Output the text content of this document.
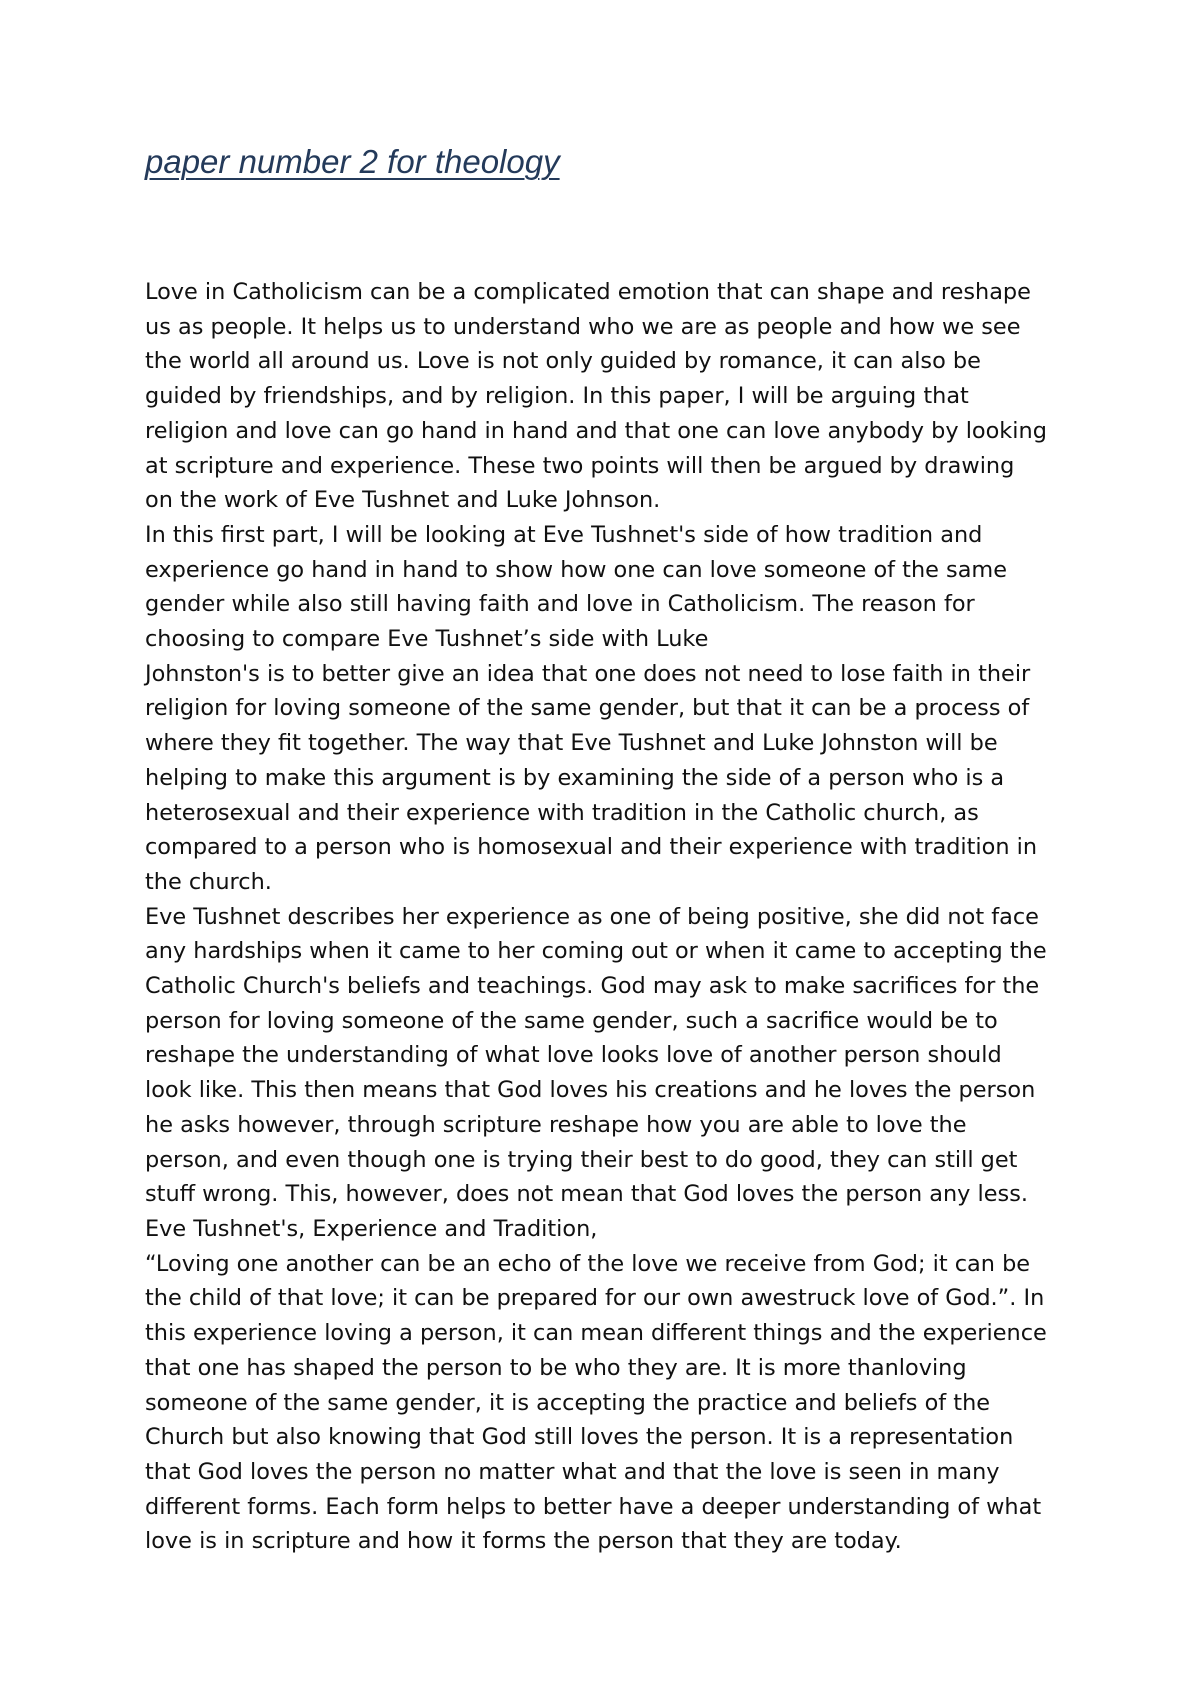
paper number 2 for theology
Love in Catholicism can be a complicated emotion that can shape and reshape
us as people. It helps us to understand who we are as people and how we see
the world all around us. Love is not only guided by romance, it can also be
guided by friendships, and by religion. In this paper, I will be arguing that
religion and love can go hand in hand and that one can love anybody by looking
at scripture and experience. These two points will then be argued by drawing
on the work of Eve Tushnet and Luke Johnson.
In this first part, I will be looking at Eve Tushnet's side of how tradition and
experience go hand in hand to show how one can love someone of the same
gender while also still having faith and love in Catholicism. The reason for
choosing to compare Eve Tushnet’s side with Luke
Johnston's is to better give an idea that one does not need to lose faith in their
religion for loving someone of the same gender, but that it can be a process of
where they fit together. The way that Eve Tushnet and Luke Johnston will be
helping to make this argument is by examining the side of a person who is a
heterosexual and their experience with tradition in the Catholic church, as
compared to a person who is homosexual and their experience with tradition in
the church.
Eve Tushnet describes her experience as one of being positive, she did not face
any hardships when it came to her coming out or when it came to accepting the
Catholic Church's beliefs and teachings. God may ask to make sacrifices for the
person for loving someone of the same gender, such a sacrifice would be to
reshape the understanding of what love looks love of another person should
look like. This then means that God loves his creations and he loves the person
he asks however, through scripture reshape how you are able to love the
person, and even though one is trying their best to do good, they can still get
stuff wrong. This, however, does not mean that God loves the person any less.
Eve Tushnet's, Experience and Tradition,
“Loving one another can be an echo of the love we receive from God; it can be
the child of that love; it can be prepared for our own awestruck love of God.”. In
this experience loving a person, it can mean different things and the experience
that one has shaped the person to be who they are. It is more thanloving
someone of the same gender, it is accepting the practice and beliefs of the
Church but also knowing that God still loves the person. It is a representation
that God loves the person no matter what and that the love is seen in many
different forms. Each form helps to better have a deeper understanding of what
love is in scripture and how it forms the person that they are today.
